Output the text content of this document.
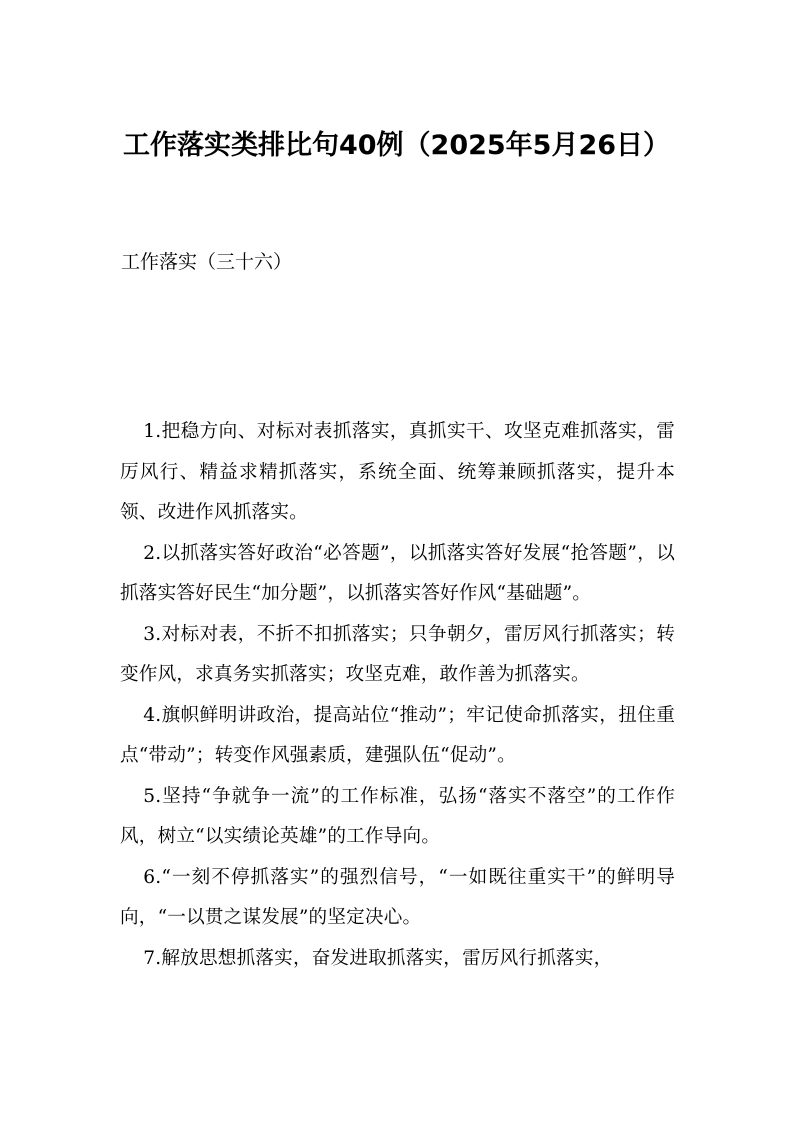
工作落实类排比句40例（2025年5月26日）
工作落实（三十六）

1.把稳方向、对标对表抓落实，真抓实干、攻坚克难抓落实，雷厉风行、精益求精抓落实，系统全面、统筹兼顾抓落实，提升本领、改进作风抓落实。

2.以抓落实答好政治“必答题”，以抓落实答好发展“抢答题”，以抓落实答好民生“加分题”，以抓落实答好作风“基础题”。

3.对标对表，不折不扣抓落实；只争朝夕，雷厉风行抓落实；转变作风，求真务实抓落实；攻坚克难，敢作善为抓落实。

4.旗帜鲜明讲政治，提高站位“推动”；牢记使命抓落实，扭住重点“带动”；转变作风强素质，建强队伍“促动”。

5.坚持“争就争一流”的工作标准，弘扬“落实不落空”的工作作风，树立“以实绩论英雄”的工作导向。

6.“一刻不停抓落实”的强烈信号，“一如既往重实干”的鲜明导向，“一以贯之谋发展”的坚定决心。

7.解放思想抓落实，奋发进取抓落实，雷厉风行抓落实，
